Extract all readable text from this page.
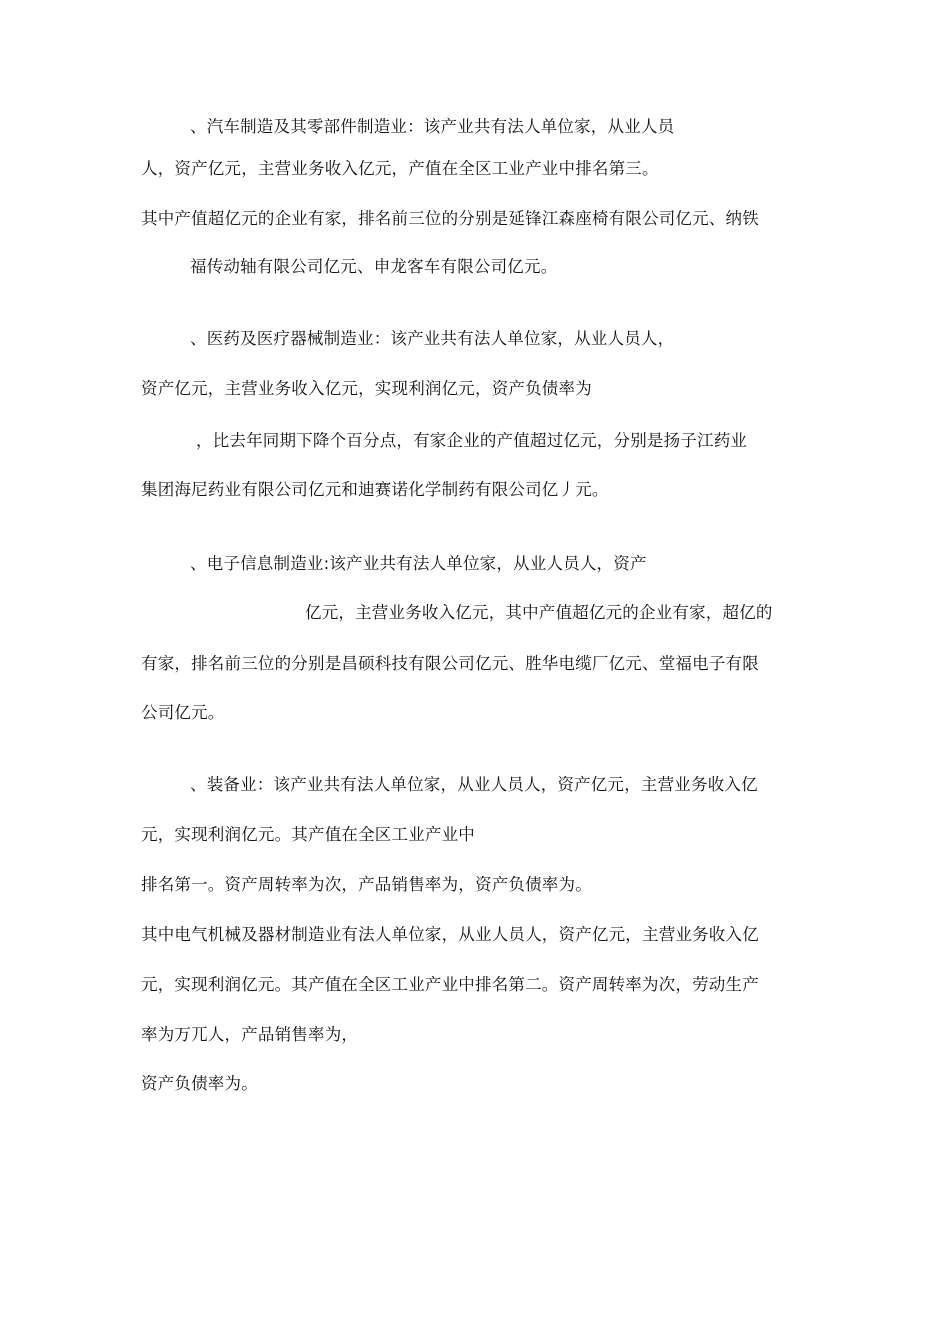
、汽车制造及其零部件制造业：该产业共有法人单位家，从业人员
人，资产亿元，主营业务收入亿元，产值在全区工业产业中排名第三。
其中产值超亿元的企业有家，排名前三位的分别是延锋江森座椅有限公司亿元、纳铁
福传动轴有限公司亿元、申龙客车有限公司亿元。
、医药及医疗器械制造业：该产业共有法人单位家，从业人员人，
资产亿元，主营业务收入亿元，实现利润亿元，资产负债率为
，比去年同期下降个百分点，有家企业的产值超过亿元，分别是扬子江药业
集团海尼药业有限公司亿元和迪赛诺化学制药有限公司亿丿元。
、电子信息制造业:该产业共有法人单位家，从业人员人，资产
亿元，主营业务收入亿元，其中产值超亿元的企业有家，超亿的
有家，排名前三位的分别是昌硕科技有限公司亿元、胜华电缆厂亿元、堂福电子有限
公司亿元。
、装备业：该产业共有法人单位家，从业人员人，资产亿元，主营业务收入亿
元，实现利润亿元。其产值在全区工业产业中
排名第一。资产周转率为次，产品销售率为，资产负债率为。
其中电气机械及器材制造业有法人单位家，从业人员人，资产亿元，主营业务收入亿
元，实现利润亿元。其产值在全区工业产业中排名第二。资产周转率为次，劳动生产
率为万兀人，产品销售率为，
资产负债率为。
